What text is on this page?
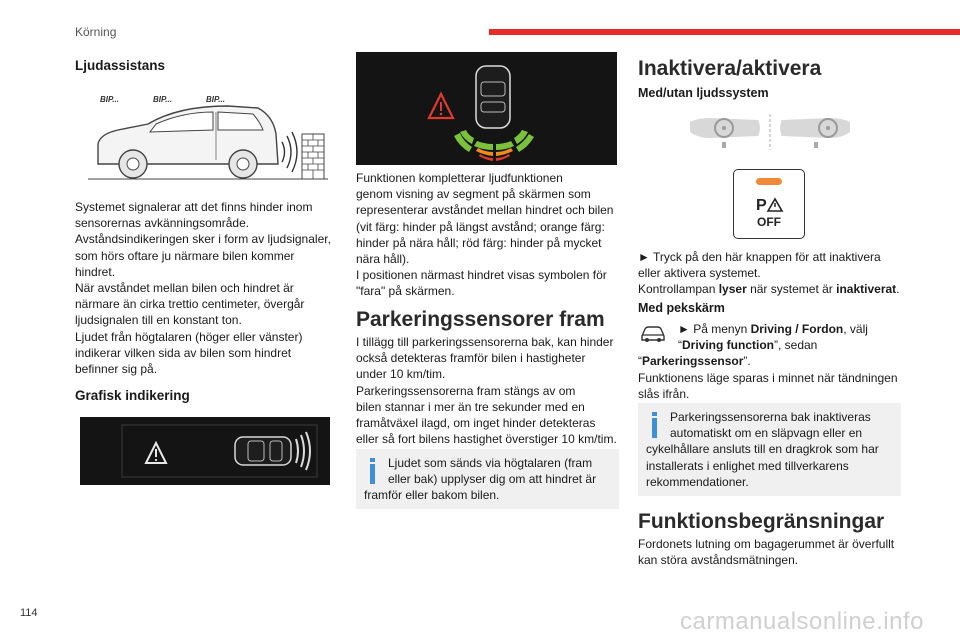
Körning
Ljudassistans
BIP...	BIP...	BIP...

Systemet signalerar att det finns hinder inom

sensorernas avkänningsområde.

Avståndsindikeringen sker i form av ljudsignaler,

som hörs oftare ju närmare bilen kommer

hindret.

När avståndet mellan bilen och hindret är

närmare än cirka trettio centimeter, övergår

ljudsignalen till en konstant ton.

Ljudet från högtalaren (höger eller vänster)

indikerar vilken sida av bilen som hindret

befinner sig på.

Grafisk indikering

Funktionen kompletterar ljudfunktionen

genom visning av segment på skärmen som

representerar avståndet mellan hindret och bilen

(vit färg: hinder på längst avstånd; orange färg:

hinder på nära håll; röd färg: hinder på mycket

nära håll).

I positionen närmast hindret visas symbolen för

"fara" på skärmen.

Parkeringssensorer fram

I tillägg till parkeringssensorerna bak, kan hinder

också detekteras framför bilen i hastigheter

under 10 km/tim.

Parkeringssensorerna fram stängs av om

bilen stannar i mer än tre sekunder med en

framåtväxel ilagd, om inget hinder detekteras

eller så fort bilens hastighet överstiger 10 km/tim.

Ljudet som sänds via högtalaren (fram

eller bak) upplyser dig om att hindret är

framför eller bakom bilen.

Inaktivera/aktivera
Med/utan ljudssystem
P
OFF

► Tryck på den här knappen för att inaktivera

eller aktivera systemet.

Kontrollampan lyser när systemet är inaktiverat.

Med pekskärm

► På menyn Driving / Fordon, välj

“Driving function”, sedan

“Parkeringssensor”.

Funktionens läge sparas i minnet när tändningen

slås ifrån.

Parkeringssensorerna bak inaktiveras

automatiskt om en släpvagn eller en

cykelhållare ansluts till en dragkrok som har

installerats i enlighet med tillverkarens

rekommendationer.

Funktionsbegränsningar

Fordonets lutning om bagagerummet är överfullt

kan störa avståndsmätningen.

114	carmanualsonline.info
